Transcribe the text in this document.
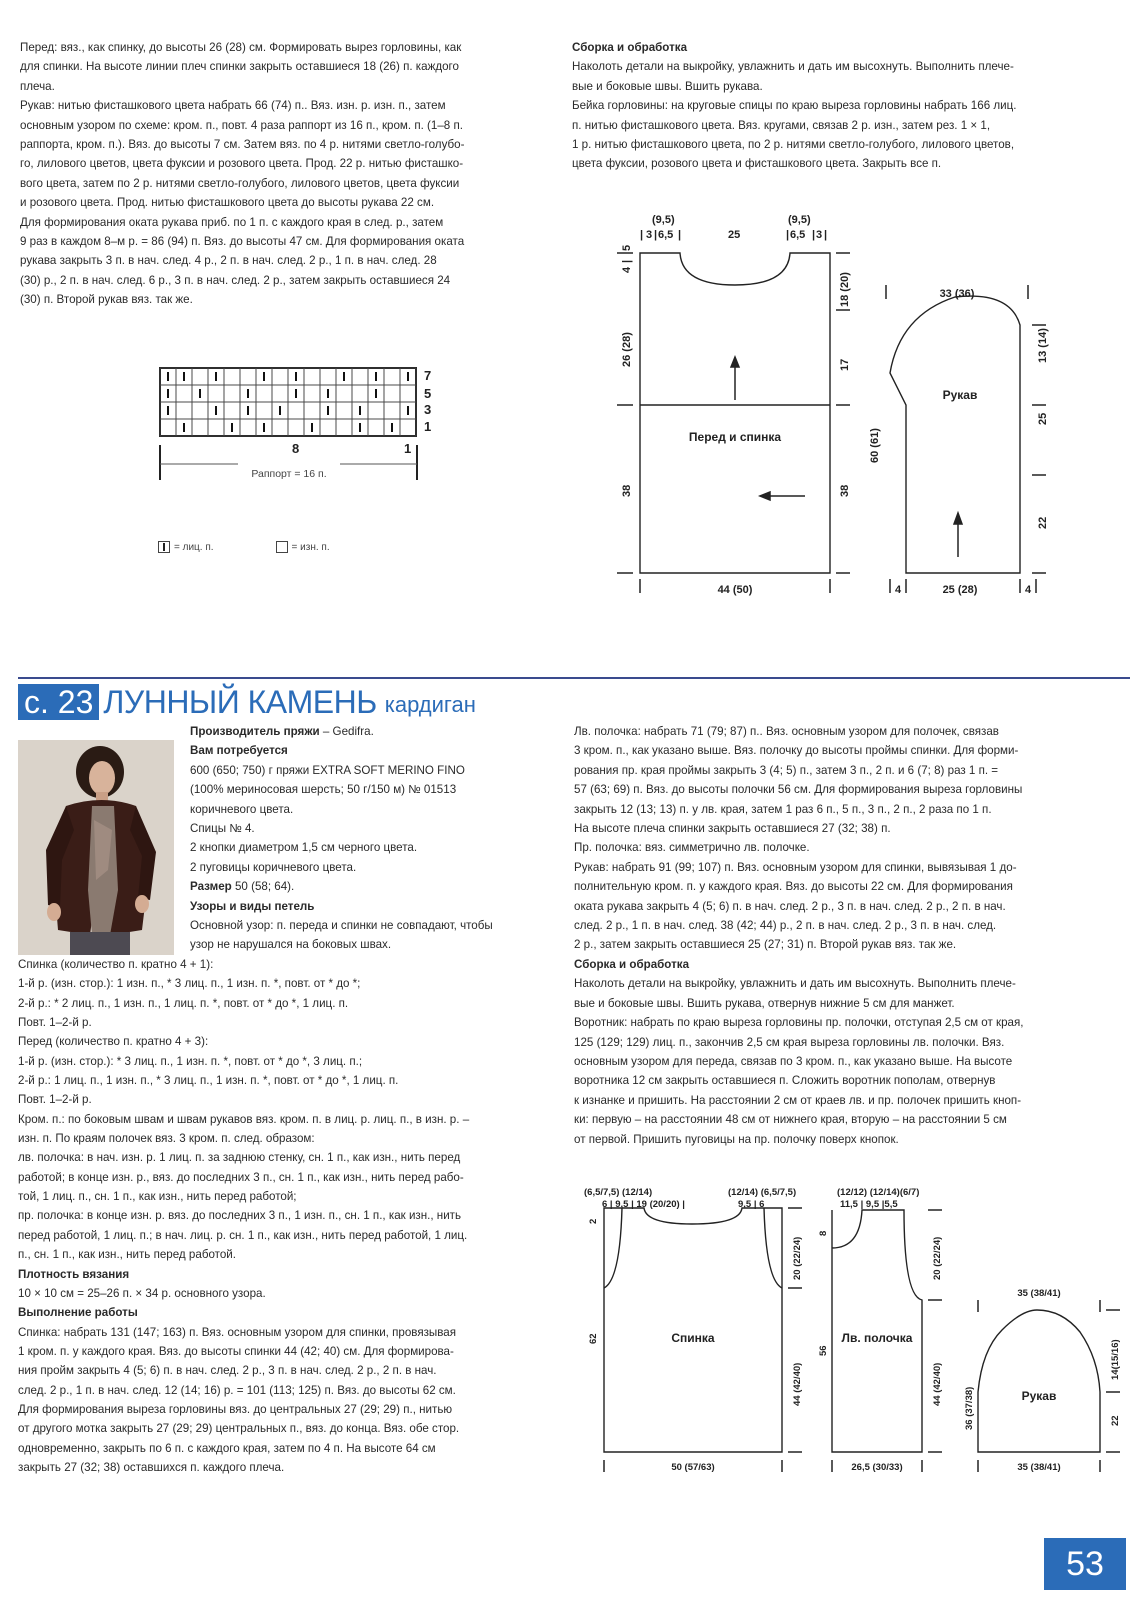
Перед: вяз., как спинку, до высоты 26 (28) см. Формировать вырез горловины, как

для спинки. На высоте линии плеч спинки закрыть оставшиеся 18 (26) п. каждого

плеча.

Рукав: нитью фисташкового цвета набрать 66 (74) п.. Вяз. изн. р. изн. п., затем

основным узором по схеме: кром. п., повт. 4 раза раппорт из 16 п., кром. п. (1–8 п.

раппорта, кром. п.). Вяз. до высоты 7 см. Затем вяз. по 4 р. нитями светло-голубо-

го, лилового цветов, цвета фуксии и розового цвета. Прод. 22 р. нитью фисташко-

вого цвета, затем по 2 р. нитями светло-голубого, лилового цветов, цвета фуксии

и розового цвета. Прод. нитью фисташкового цвета до высоты рукава 22 см.

Для формирования оката рукава приб. по 1 п. с каждого края в след. р., затем

9 раз в каждом 8–м р. = 86 (94) п. Вяз. до высоты 47 см. Для формирования оката

рукава закрыть 3 п. в нач. след. 4 р., 2 п. в нач. след. 2 р., 1 п. в нач. след. 28

(30) р., 2 п. в нач. след. 6 р., 3 п. в нач. след. 2 р., затем закрыть оставшиеся 24

(30) п. Второй рукав вяз. так же.

Сборка и обработка

Наколоть детали на выкройку, увлажнить и дать им высохнуть. Выполнить плече-

вые и боковые швы. Вшить рукава.

Бейка горловины: на круговые спицы по краю выреза горловины набрать 166 лиц.

п. нитью фисташкового цвета. Вяз. кругами, связав 2 р. изн., затем рез. 1 × 1,

1 р. нитью фисташкового цвета, по 2 р. нитями светло-голубого, лилового цветов,

цвета фуксии, розового цвета и фисташкового цвета. Закрыть все п.

7
5
3
1
8	1
Раппорт = 16 п.
= лиц. п.	= изн. п.
(9,5)	(9,5)
| 3 | 6,5 |	25	| 6,5 | 3 |
Перед и спинка
Рукав
44 (50)
33 (36)
25 (28)
4	4
4
|
5
26 (28)
38
18 (20)
17
38
60 (61)
13 (14)
25
22
с. 23 ЛУННЫЙ КАМЕНЬ кардиган

Производитель пряжи – Gedifra.

Вам потребуется

600 (650; 750) г пряжи EXTRA SOFT MERINO FINO

(100% мериносовая шерсть; 50 г/150 м) № 01513

коричневого цвета.

Спицы № 4.

2 кнопки диаметром 1,5 см черного цвета.

2 пуговицы коричневого цвета.

Размер 50 (58; 64).

Узоры и виды петель

Основной узор: п. переда и спинки не совпадают, чтобы

узор не нарушался на боковых швах.

Спинка (количество п. кратно 4 + 1):

1-й р. (изн. стор.): 1 изн. п., * 3 лиц. п., 1 изн. п. *, повт. от * до *;

2-й р.: * 2 лиц. п., 1 изн. п., 1 лиц. п. *, повт. от * до *, 1 лиц. п.

Повт. 1–2-й р.

Перед (количество п. кратно 4 + 3):

1-й р. (изн. стор.): * 3 лиц. п., 1 изн. п. *, повт. от * до *, 3 лиц. п.;

2-й р.: 1 лиц. п., 1 изн. п., * 3 лиц. п., 1 изн. п. *, повт. от * до *, 1 лиц. п.

Повт. 1–2-й р.

Кром. п.: по боковым швам и швам рукавов вяз. кром. п. в лиц. р. лиц. п., в изн. р. –

изн. п. По краям полочек вяз. 3 кром. п. след. образом:

лв. полочка: в нач. изн. р. 1 лиц. п. за заднюю стенку, сн. 1 п., как изн., нить перед

работой; в конце изн. р., вяз. до последних 3 п., сн. 1 п., как изн., нить перед рабо-

той, 1 лиц. п., сн. 1 п., как изн., нить перед работой;

пр. полочка: в конце изн. р. вяз. до последних 3 п., 1 изн. п., сн. 1 п., как изн., нить

перед работой, 1 лиц. п.; в нач. лиц. р. сн. 1 п., как изн., нить перед работой, 1 лиц.

п., сн. 1 п., как изн., нить перед работой.

Плотность вязания

10 × 10 см = 25–26 п. × 34 р. основного узора.

Выполнение работы

Спинка: набрать 131 (147; 163) п. Вяз. основным узором для спинки, провязывая

1 кром. п. у каждого края. Вяз. до высоты спинки 44 (42; 40) см. Для формирова-

ния пройм закрыть 4 (5; 6) п. в нач. след. 2 р., 3 п. в нач. след. 2 р., 2 п. в нач.

след. 2 р., 1 п. в нач. след. 12 (14; 16) р. = 101 (113; 125) п. Вяз. до высоты 62 см.

Для формирования выреза горловины вяз. до центральных 27 (29; 29) п., нитью

от другого мотка закрыть 27 (29; 29) центральных п., вяз. до конца. Вяз. обе стор.

одновременно, закрыть по 6 п. с каждого края, затем по 4 п. На высоте 64 см

закрыть 27 (32; 38) оставшихся п. каждого плеча.

Лв. полочка: набрать 71 (79; 87) п.. Вяз. основным узором для полочек, связав

3 кром. п., как указано выше. Вяз. полочку до высоты проймы спинки. Для форми-

рования пр. края проймы закрыть 3 (4; 5) п., затем 3 п., 2 п. и 6 (7; 8) раз 1 п. =

57 (63; 69) п. Вяз. до высоты полочки 56 см. Для формирования выреза горловины

закрыть 12 (13; 13) п. у лв. края, затем 1 раз 6 п., 5 п., 3 п., 2 п., 2 раза по 1 п.

На высоте плеча спинки закрыть оставшиеся 27 (32; 38) п.

Пр. полочка: вяз. симметрично лв. полочке.

Рукав: набрать 91 (99; 107) п. Вяз. основным узором для спинки, вывязывая 1 до-

полнительную кром. п. у каждого края. Вяз. до высоты 22 см. Для формирования

оката рукава закрыть 4 (5; 6) п. в нач. след. 2 р., 3 п. в нач. след. 2 р., 2 п. в нач.

след. 2 р., 1 п. в нач. след. 38 (42; 44) р., 2 п. в нач. след. 2 р., 3 п. в нач. след.

2 р., затем закрыть оставшиеся 25 (27; 31) п. Второй рукав вяз. так же.

Сборка и обработка

Наколоть детали на выкройку, увлажнить и дать им высохнуть. Выполнить плече-

вые и боковые швы. Вшить рукава, отвернув нижние 5 см для манжет.

Воротник: набрать по краю выреза горловины пр. полочки, отступая 2,5 см от края,

125 (129; 129) лиц. п., закончив 2,5 см края выреза горловины лв. полочки. Вяз.

основным узором для переда, связав по 3 кром. п., как указано выше. На высоте

воротника 12 см закрыть оставшиеся п. Сложить воротник пополам, отвернув

к изнанке и пришить. На расстоянии 2 см от краев лв. и пр. полочек пришить кноп-

ки: первую – на расстоянии 48 см от нижнего края, вторую – на расстоянии 5 см

от первой. Пришить пуговицы на пр. полочку поверх кнопок.

(6,5/7,5) (12/14)
6 | 9,5 | 19 (20/20) |
(12/14) (6,5/7,5)
9,5 | 6
(12/12) (12/14)(6/7)
11,5 | 9,5 |5,5
35 (38/41)
50 (57/63)	26,5 (30/33)	35 (38/41)
Спинка	Лв. полочка
Рукав
2
62
20 (22/24)
44 (42/40)
8
56
20 (22/24)
44 (42/40)
36 (37/38)
14(15/16)
22
53
